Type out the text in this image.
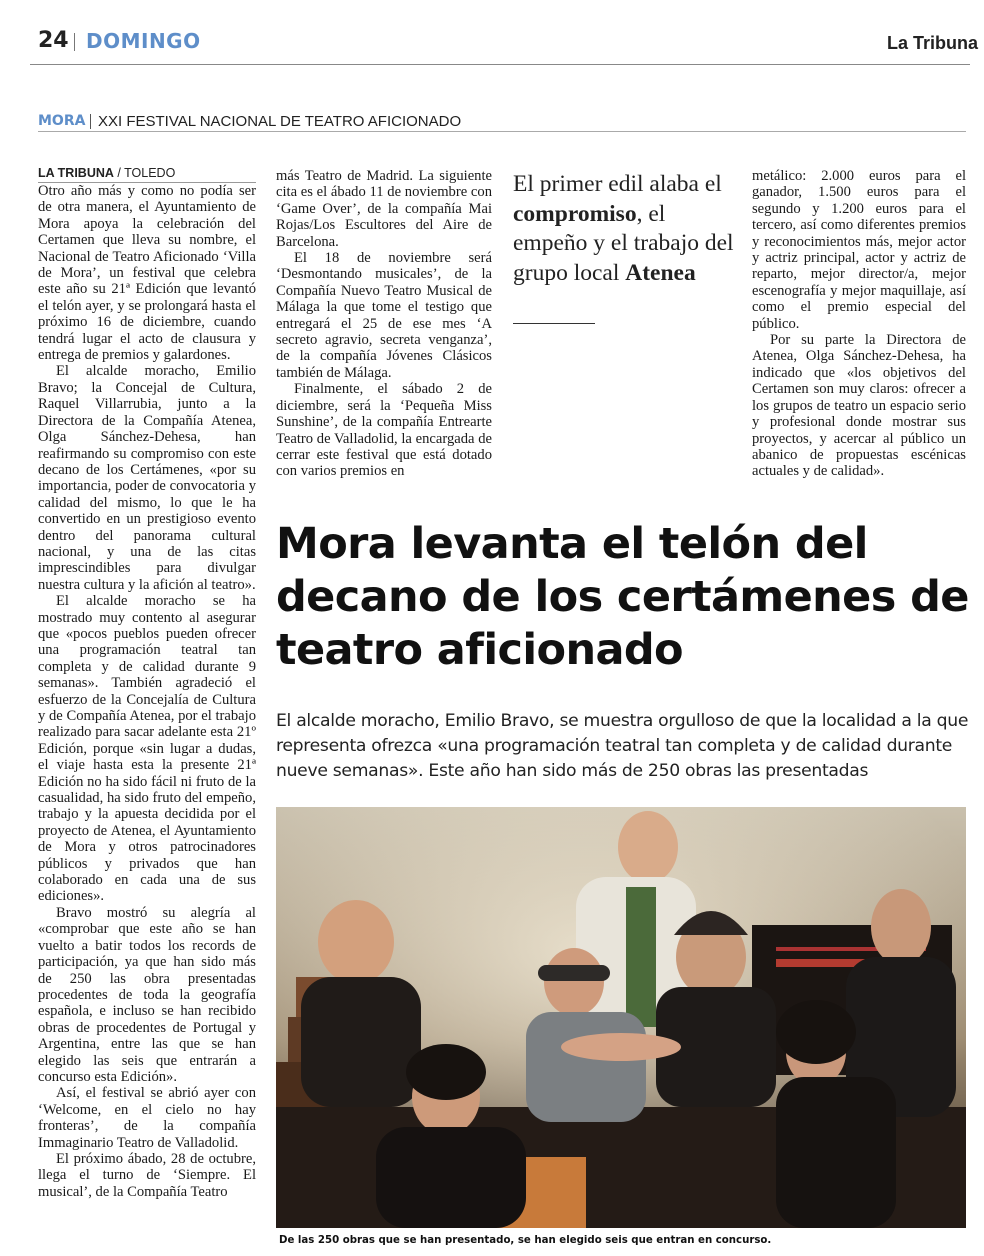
24 DOMINGO	La Tribuna
MORA XXI FESTIVAL NACIONAL DE TEATRO AFICIONADO
LA TRIBUNA / TOLEDO

Otro año más y como no podía ser de otra manera, el Ayuntamiento de Mora apoya la celebración del Certamen que lleva su nombre, el Nacional de Teatro Aficionado ‘Villa de Mora’, un festival que celebra este año su 21ª Edición que levantó el telón ayer, y se prolongará hasta el próximo 16 de diciembre, cuando tendrá lugar el acto de clausura y entrega de premios y galardones.

El alcalde moracho, Emilio Bravo; la Concejal de Cultura, Raquel Villarrubia, junto a la Directora de la Compañía Atenea, Olga Sánchez-Dehesa, han reafirmando su compromiso con este decano de los Certámenes, «por su importancia, poder de convocatoria y calidad del mismo, lo que le ha convertido en un prestigioso evento dentro del panorama cultural nacional, y una de las citas imprescindibles para divulgar nuestra cultura y la afición al teatro».

El alcalde moracho se ha mostrado muy contento al asegurar que «pocos pueblos pueden ofrecer una programación teatral tan completa y de calidad durante 9 semanas». También agradeció el esfuerzo de la Concejalía de Cultura y de Compañía Atenea, por el trabajo realizado para sacar adelante esta 21º Edición, porque «sin lugar a dudas, el viaje hasta esta la presente 21ª Edición no ha sido fácil ni fruto de la casualidad, ha sido fruto del empeño, trabajo y la apuesta decidida por el proyecto de Atenea, el Ayuntamiento de Mora y otros patrocinadores públicos y privados que han colaborado en cada una de sus ediciones».

Bravo mostró su alegría al «comprobar que este año se han vuelto a batir todos los records de participación, ya que han sido más de 250 las obra presentadas procedentes de toda la geografía española, e incluso se han recibido obras de procedentes de Portugal y Argentina, entre las que se han elegido las seis que entrarán a concurso esta Edición».

Así, el festival se abrió ayer con ‘Welcome, en el cielo no hay fronteras’, de la compañía Immaginario Teatro de Valladolid.

El próximo ábado, 28 de octubre, llega el turno de ‘Siempre. El musical’, de la Compañía Teatro

más Teatro de Madrid. La siguiente cita es el ábado 11 de noviembre con ‘Game Over’, de la compañía Mai Rojas/Los Escultores del Aire de Barcelona.

El 18 de noviembre será ‘Desmontando musicales’, de la Compañía Nuevo Teatro Musical de Málaga la que tome el testigo que entregará el 25 de ese mes ‘A secreto agravio, secreta venganza’, de la compañía Jóvenes Clásicos también de Málaga.

Finalmente, el sábado 2 de diciembre, será la ‘Pequeña Miss Sunshine’, de la compañía Entrearte Teatro de Valladolid, la encargada de cerrar este festival que está dotado con varios premios en

El primer edil alaba el compromiso, el empeño y el trabajo del grupo local Atenea

metálico: 2.000 euros para el ganador, 1.500 euros para el segundo y 1.200 euros para el tercero, así como diferentes premios y reconocimientos más, mejor actor y actriz principal, actor y actriz de reparto, mejor director/a, mejor escenografía y mejor maquillaje, así como el premio especial del público.

Por su parte la Directora de Atenea, Olga Sánchez-Dehesa, ha indicado que «los objetivos del Certamen son muy claros: ofrecer a los grupos de teatro un espacio serio y profesional donde mostrar sus proyectos, y acercar al público un abanico de propuestas escénicas actuales y de calidad».

Mora levanta el telón del decano de los certámenes de teatro aficionado
El alcalde moracho, Emilio Bravo, se muestra orgulloso de que la localidad a la que representa ofrezca «una programación teatral tan completa y de calidad durante nueve semanas». Este año han sido más de 250 obras las presentadas
De las 250 obras que se han presentado, se han elegido seis que entran en concurso.
